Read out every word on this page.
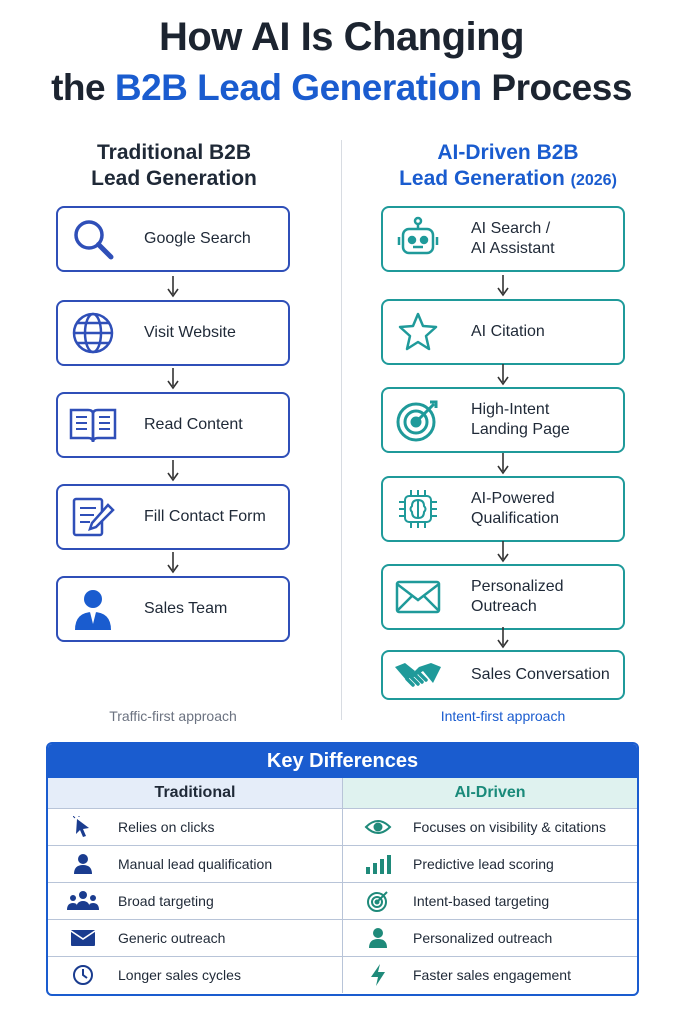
How AI Is Changing
the B2B Lead Generation Process
Traditional B2B
Lead Generation
AI-Driven B2B
Lead Generation (2026)
Google Search
Visit Website
Read Content
Fill Contact Form
Sales Team
Traffic-first approach
AI Search /
AI Assistant
AI Citation
High-Intent
Landing Page
AI-Powered
Qualification
Personalized
Outreach
Sales Conversation
Intent-first approach
Key Differences
Traditional	AI-Driven
Relies on clicks	Focuses on visibility & citations
Manual lead qualification	Predictive lead scoring
Broad targeting	Intent-based targeting
Generic outreach	Personalized outreach
Longer sales cycles	Faster sales engagement
